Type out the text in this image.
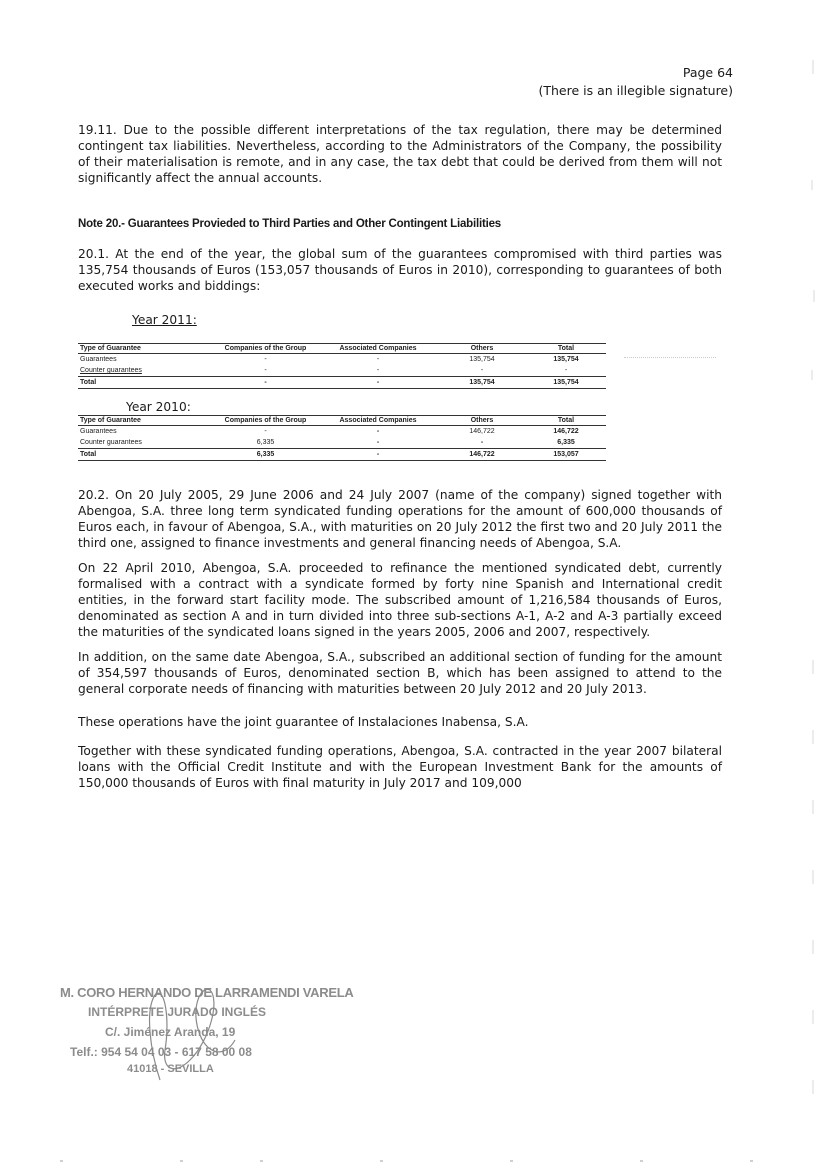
Page 64
(There is an illegible signature)

19.11. Due to the possible different interpretations of the tax regulation, there may be determined contingent tax liabilities. Nevertheless, according to the Administrators of the Company, the possibility of their materialisation is remote, and in any case, the tax debt that could be derived from them will not significantly affect the annual accounts.

Note 20.- Guarantees Provieded to Third Parties and Other Contingent Liabilities

20.1. At the end of the year, the global sum of the guarantees compromised with third parties was 135,754 thousands of Euros (153,057 thousands of Euros in 2010), corresponding to guarantees of both executed works and biddings:

Year 2011:
Type of Guarantee	Companies of the Group	Associated Companies	Others	Total
Guarantees	-	-	135,754	135,754
Counter guarantees	-	-	-	-
Total	-	-	135,754	135,754
Year 2010:
Type of Guarantee	Companies of the Group	Associated Companies	Others	Total
Guarantees	-	-	146,722	146,722
Counter guarantees	6,335	-	-	6,335
Total	6,335	-	146,722	153,057

20.2. On 20 July 2005, 29 June 2006 and 24 July 2007 (name of the company) signed together with Abengoa, S.A. three long term syndicated funding operations for the amount of 600,000 thousands of Euros each, in favour of Abengoa, S.A., with maturities on 20 July 2012 the first two and 20 July 2011 the third one, assigned to finance investments and general financing needs of Abengoa, S.A.

On 22 April 2010, Abengoa, S.A. proceeded to refinance the mentioned syndicated debt, currently formalised with a contract with a syndicate formed by forty nine Spanish and International credit entities, in the forward start facility mode. The subscribed amount of 1,216,584 thousands of Euros, denominated as section A and in turn divided into three sub-sections A-1, A-2 and A-3 partially exceed the maturities of the syndicated loans signed in the years 2005, 2006 and 2007, respectively.

In addition, on the same date Abengoa, S.A., subscribed an additional section of funding for the amount of 354,597 thousands of Euros, denominated section B, which has been assigned to attend to the general corporate needs of financing with maturities between 20 July 2012 and 20 July 2013.

These operations have the joint guarantee of Instalaciones Inabensa, S.A.

Together with these syndicated funding operations, Abengoa, S.A. contracted in the year 2007 bilateral loans with the Official Credit Institute and with the European Investment Bank for the amounts of 150,000 thousands of Euros with final maturity in July 2017 and 109,000

M. CORO HERNANDO DE LARRAMENDI VARELA
INTÉRPRETE JURADO INGLÉS
C/. Jiménez Aranda, 19
Telf.: 954 54 04 03 - 617 58 00 08
41018 - SEVILLA
